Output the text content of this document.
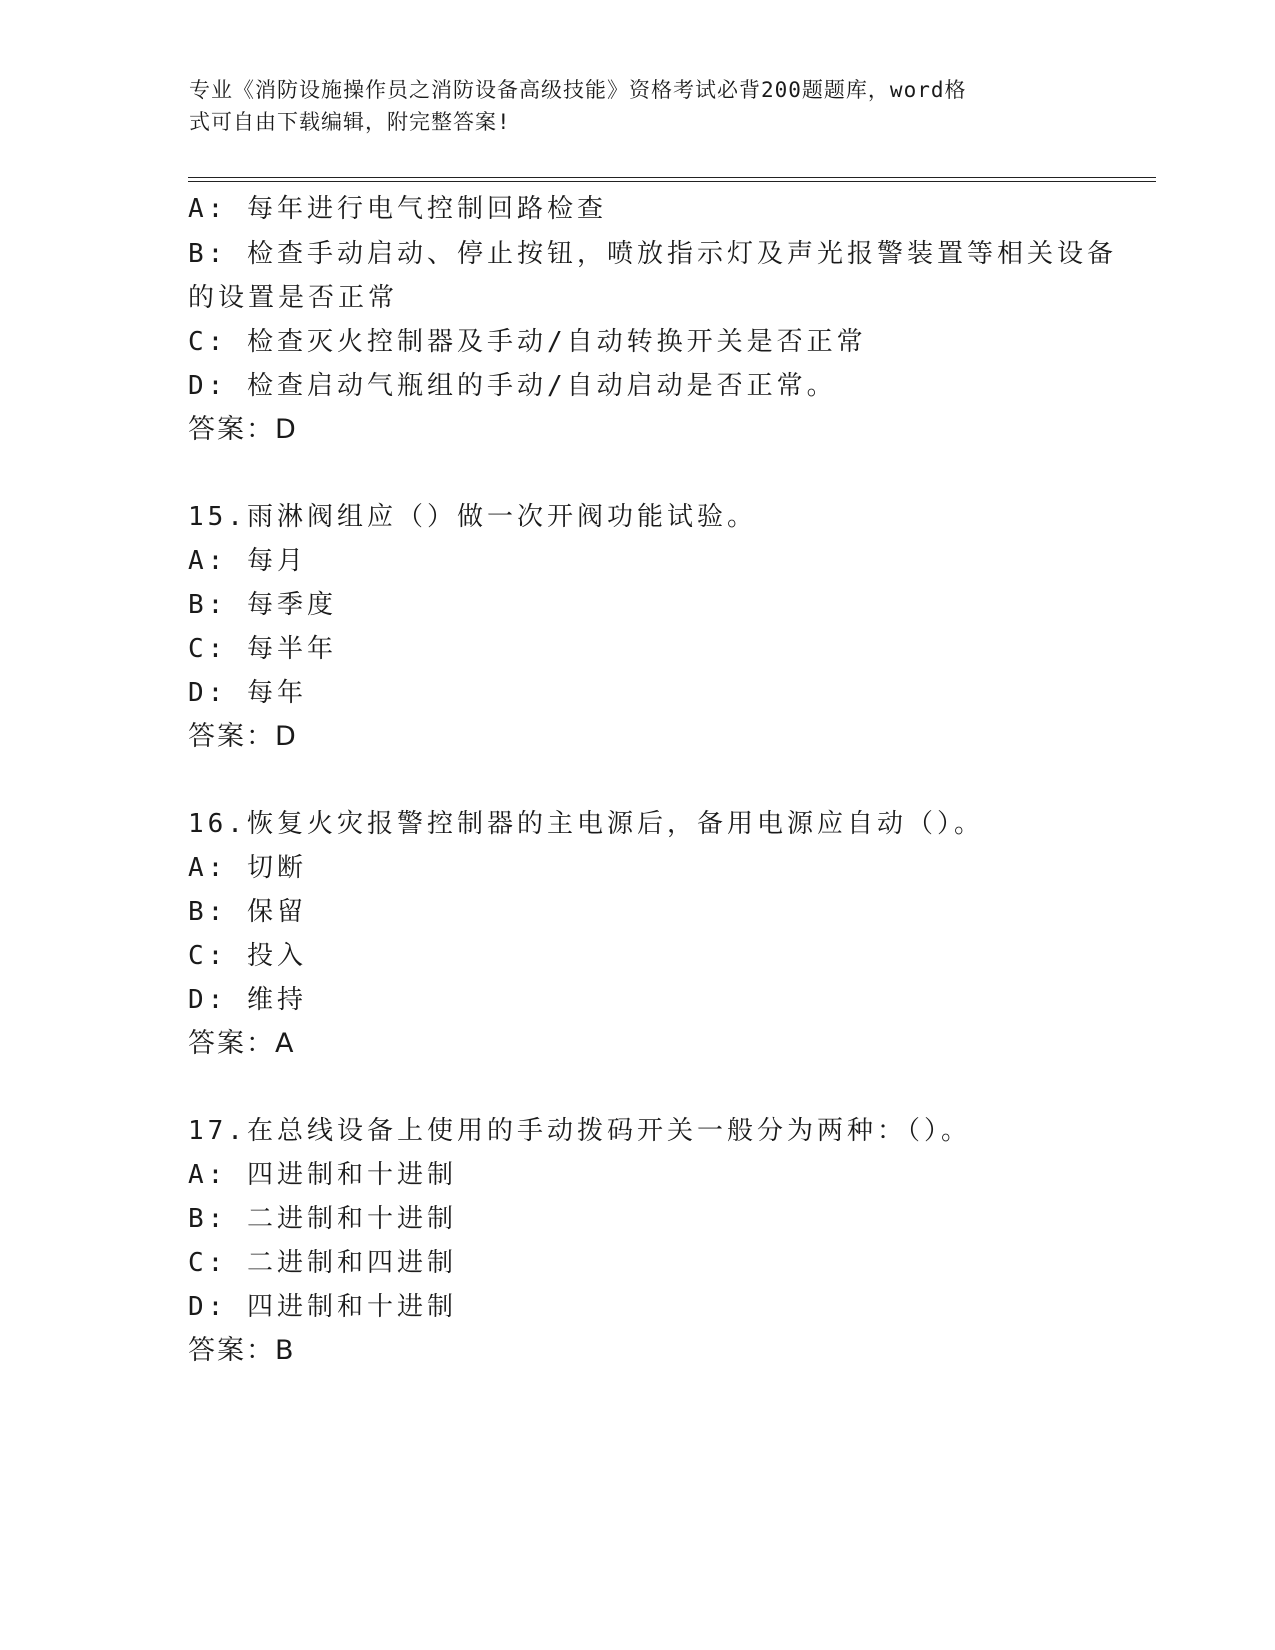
专业《消防设施操作员之消防设备高级技能》资格考试必背200题题库，word格
式可自由下载编辑，附完整答案!
A: 每年进行电气控制回路检查
B: 检查手动启动、停止按钮，喷放指示灯及声光报警装置等相关设备
的设置是否正常
C: 检查灭火控制器及手动/自动转换开关是否正常
D: 检查启动气瓶组的手动/自动启动是否正常。
答案：D
15.雨淋阀组应（）做一次开阀功能试验。
A: 每月
B: 每季度
C: 每半年
D: 每年
答案：D
16.恢复火灾报警控制器的主电源后，备用电源应自动（）。
A: 切断
B: 保留
C: 投入
D: 维持
答案：A
17.在总线设备上使用的手动拨码开关一般分为两种：（）。
A: 四进制和十进制
B: 二进制和十进制
C: 二进制和四进制
D: 四进制和十进制
答案：B
